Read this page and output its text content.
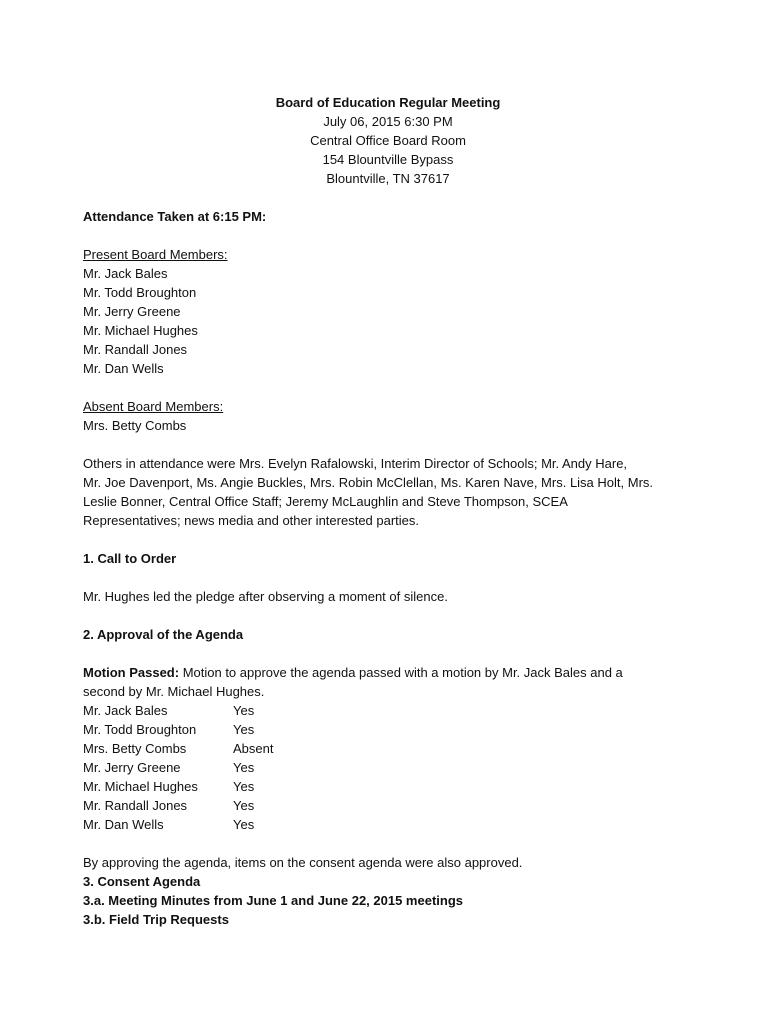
Board of Education Regular Meeting
July 06, 2015 6:30 PM
Central Office Board Room
154 Blountville Bypass
Blountville, TN 37617
Attendance Taken at 6:15 PM:
Present Board Members:
Mr. Jack Bales
Mr. Todd Broughton
Mr. Jerry Greene
Mr. Michael Hughes
Mr. Randall Jones
Mr. Dan Wells
Absent Board Members:
Mrs. Betty Combs
Others in attendance were Mrs. Evelyn Rafalowski, Interim Director of Schools; Mr. Andy Hare,
Mr. Joe Davenport, Ms. Angie Buckles, Mrs. Robin McClellan, Ms. Karen Nave, Mrs. Lisa Holt, Mrs.
Leslie Bonner, Central Office Staff; Jeremy McLaughlin and Steve Thompson, SCEA
Representatives; news media and other interested parties.
1. Call to Order
Mr. Hughes led the pledge after observing a moment of silence.
2. Approval of the Agenda
Motion Passed: Motion to approve the agenda passed with a motion by Mr. Jack Bales and a
second by Mr. Michael Hughes.
Mr. Jack Bales	Yes
Mr. Todd Broughton	Yes
Mrs. Betty Combs	Absent
Mr. Jerry Greene	Yes
Mr. Michael Hughes	Yes
Mr. Randall Jones	Yes
Mr. Dan Wells	Yes
By approving the agenda, items on the consent agenda were also approved.
3. Consent Agenda
3.a. Meeting Minutes from June 1 and June 22, 2015 meetings
3.b. Field Trip Requests
